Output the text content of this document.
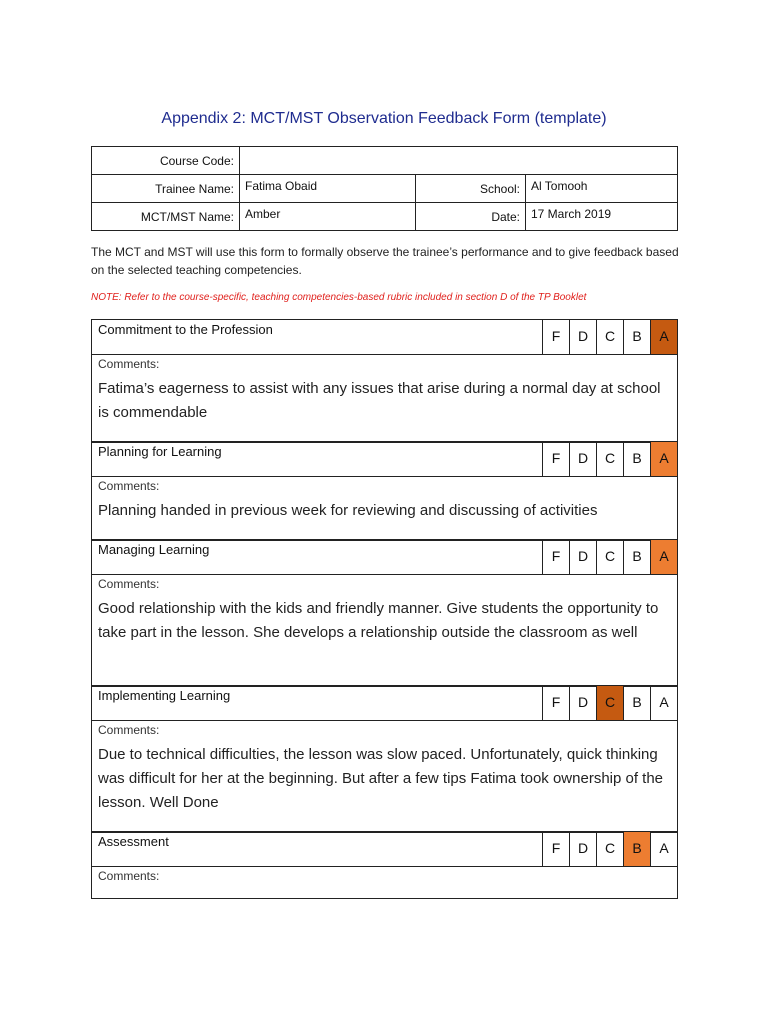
Appendix 2: MCT/MST Observation Feedback Form (template)
Course Code:			
Trainee Name:	Fatima Obaid	School:	Al Tomooh
MCT/MST Name:	Amber	Date:	17 March 2019
The MCT and MST will use this form to formally observe the trainee’s performance and to give feedback based on the selected teaching competencies.
NOTE: Refer to the course-specific, teaching competencies-based rubric included in section D of the TP Booklet
Commitment to the Profession	F	D	C	B	A
Comments:
Fatima’s eagerness to assist with any issues that arise during a normal day at school is commendable
Planning for Learning	F	D	C	B	A
Comments:
Planning handed in previous week for reviewing and discussing of activities
Managing Learning	F	D	C	B	A
Comments:
Good relationship with the kids and friendly manner. Give students the opportunity to take part in the lesson. She develops a relationship outside the classroom as well
Implementing Learning	F	D	C	B	A
Comments:
Due to technical difficulties, the lesson was slow paced. Unfortunately, quick thinking was difficult for her at the beginning. But after a few tips Fatima took ownership of the lesson. Well Done
Assessment	F	D	C	B	A
Comments:
